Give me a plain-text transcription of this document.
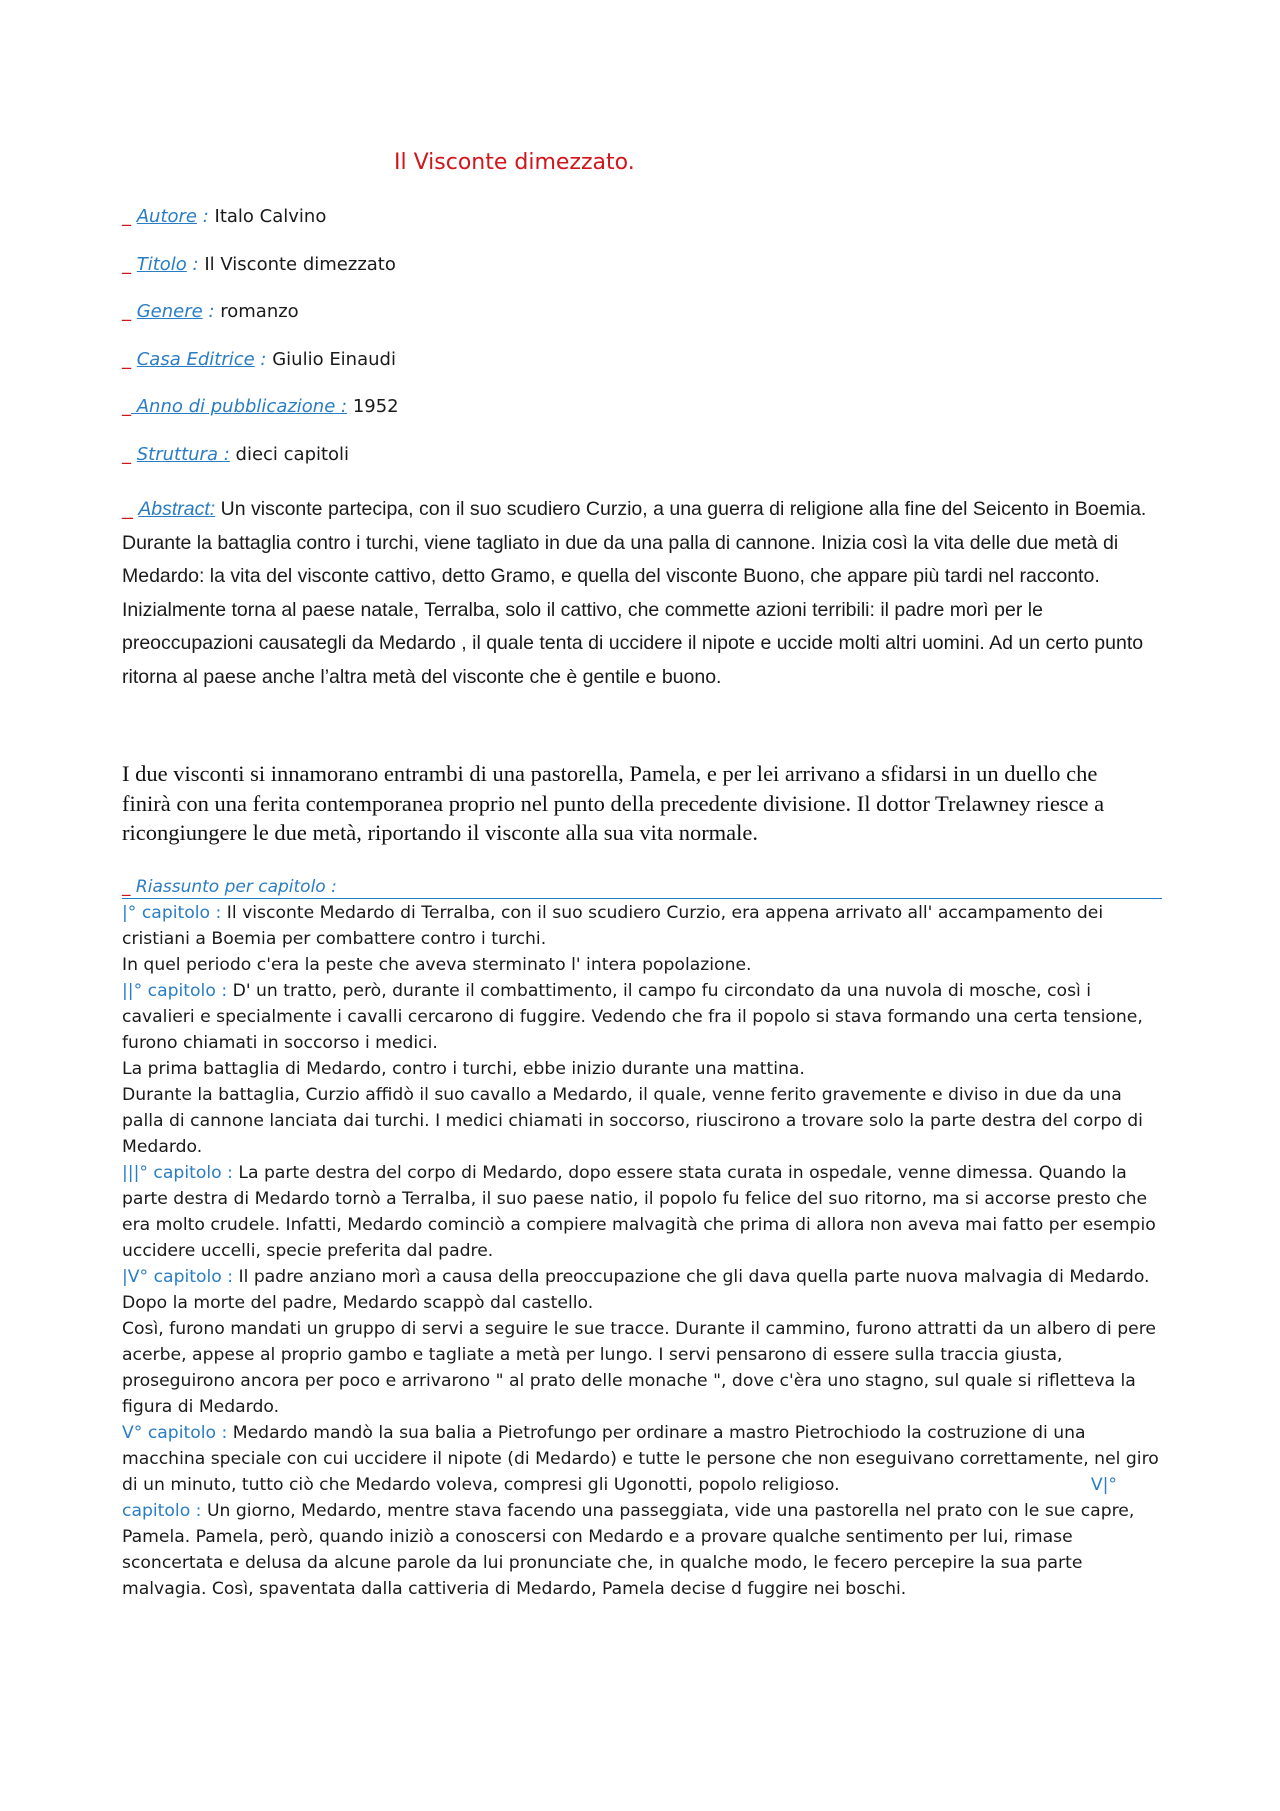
Il Visconte dimezzato.
_ Autore : Italo Calvino
_ Titolo : Il Visconte dimezzato
_ Genere : romanzo
_ Casa Editrice : Giulio Einaudi
_ Anno di pubblicazione : 1952
_ Struttura : dieci capitoli

_ Abstract: Un visconte partecipa, con il suo scudiero Curzio, a una guerra di religione alla fine del Seicento in Boemia. Durante la battaglia contro i turchi, viene tagliato in due da una palla di cannone. Inizia così la vita delle due metà di Medardo: la vita del visconte cattivo, detto Gramo, e quella del visconte Buono, che appare più tardi nel racconto. Inizialmente torna al paese natale, Terralba, solo il cattivo, che commette azioni terribili: il padre morì per le preoccupazioni causategli da Medardo , il quale tenta di uccidere il nipote e uccide molti altri uomini. Ad un certo punto ritorna al paese anche l’altra metà del visconte che è gentile e buono.

I due visconti si innamorano entrambi di una pastorella, Pamela, e per lei arrivano a sfidarsi in un duello che finirà con una ferita contemporanea proprio nel punto della precedente divisione. Il dottor Trelawney riesce a ricongiungere le due metà, riportando il visconte alla sua vita normale.

_ Riassunto per capitolo :

|° capitolo : Il visconte Medardo di Terralba, con il suo scudiero Curzio, era appena arrivato all' accampamento dei cristiani a Boemia per combattere contro i turchi.

In quel periodo c'era la peste che aveva sterminato l' intera popolazione.

||° capitolo : D' un tratto, però, durante il combattimento, il campo fu circondato da una nuvola di mosche, così i cavalieri e specialmente i cavalli cercarono di fuggire. Vedendo che fra il popolo si stava formando una certa tensione, furono chiamati in soccorso i medici.

La prima battaglia di Medardo, contro i turchi, ebbe inizio durante una mattina.

Durante la battaglia, Curzio affidò il suo cavallo a Medardo, il quale, venne ferito gravemente e diviso in due da una palla di cannone lanciata dai turchi. I medici chiamati in soccorso, riuscirono a trovare solo la parte destra del corpo di Medardo.

|||° capitolo : La parte destra del corpo di Medardo, dopo essere stata curata in ospedale, venne dimessa. Quando la parte destra di Medardo tornò a Terralba, il suo paese natio, il popolo fu felice del suo ritorno, ma si accorse presto che era molto crudele. Infatti, Medardo cominciò a compiere malvagità che prima di allora non aveva mai fatto per esempio uccidere uccelli, specie preferita dal padre.

|V° capitolo : Il padre anziano morì a causa della preoccupazione che gli dava quella parte nuova malvagia di Medardo.

Dopo la morte del padre, Medardo scappò dal castello.

Così, furono mandati un gruppo di servi a seguire le sue tracce. Durante il cammino, furono attratti da un albero di pere acerbe, appese al proprio gambo e tagliate a metà per lungo. I servi pensarono di essere sulla traccia giusta, proseguirono ancora per poco e arrivarono " al prato delle monache ", dove c'èra uno stagno, sul quale si rifletteva la figura di Medardo.

V° capitolo : Medardo mandò la sua balia a Pietrofungo per ordinare a mastro Pietrochiodo la costruzione di una macchina speciale con cui uccidere il nipote (di Medardo) e tutte le persone che non eseguivano correttamente, nel giro di un minuto, tutto ciò che Medardo voleva, compresi gli Ugonotti, popolo religioso.	V|°

capitolo : Un giorno, Medardo, mentre stava facendo una passeggiata, vide una pastorella nel prato con le sue capre, Pamela. Pamela, però, quando iniziò a conoscersi con Medardo e a provare qualche sentimento per lui, rimase sconcertata e delusa da alcune parole da lui pronunciate che, in qualche modo, le fecero percepire la sua parte malvagia. Così, spaventata dalla cattiveria di Medardo, Pamela decise d fuggire nei boschi.
